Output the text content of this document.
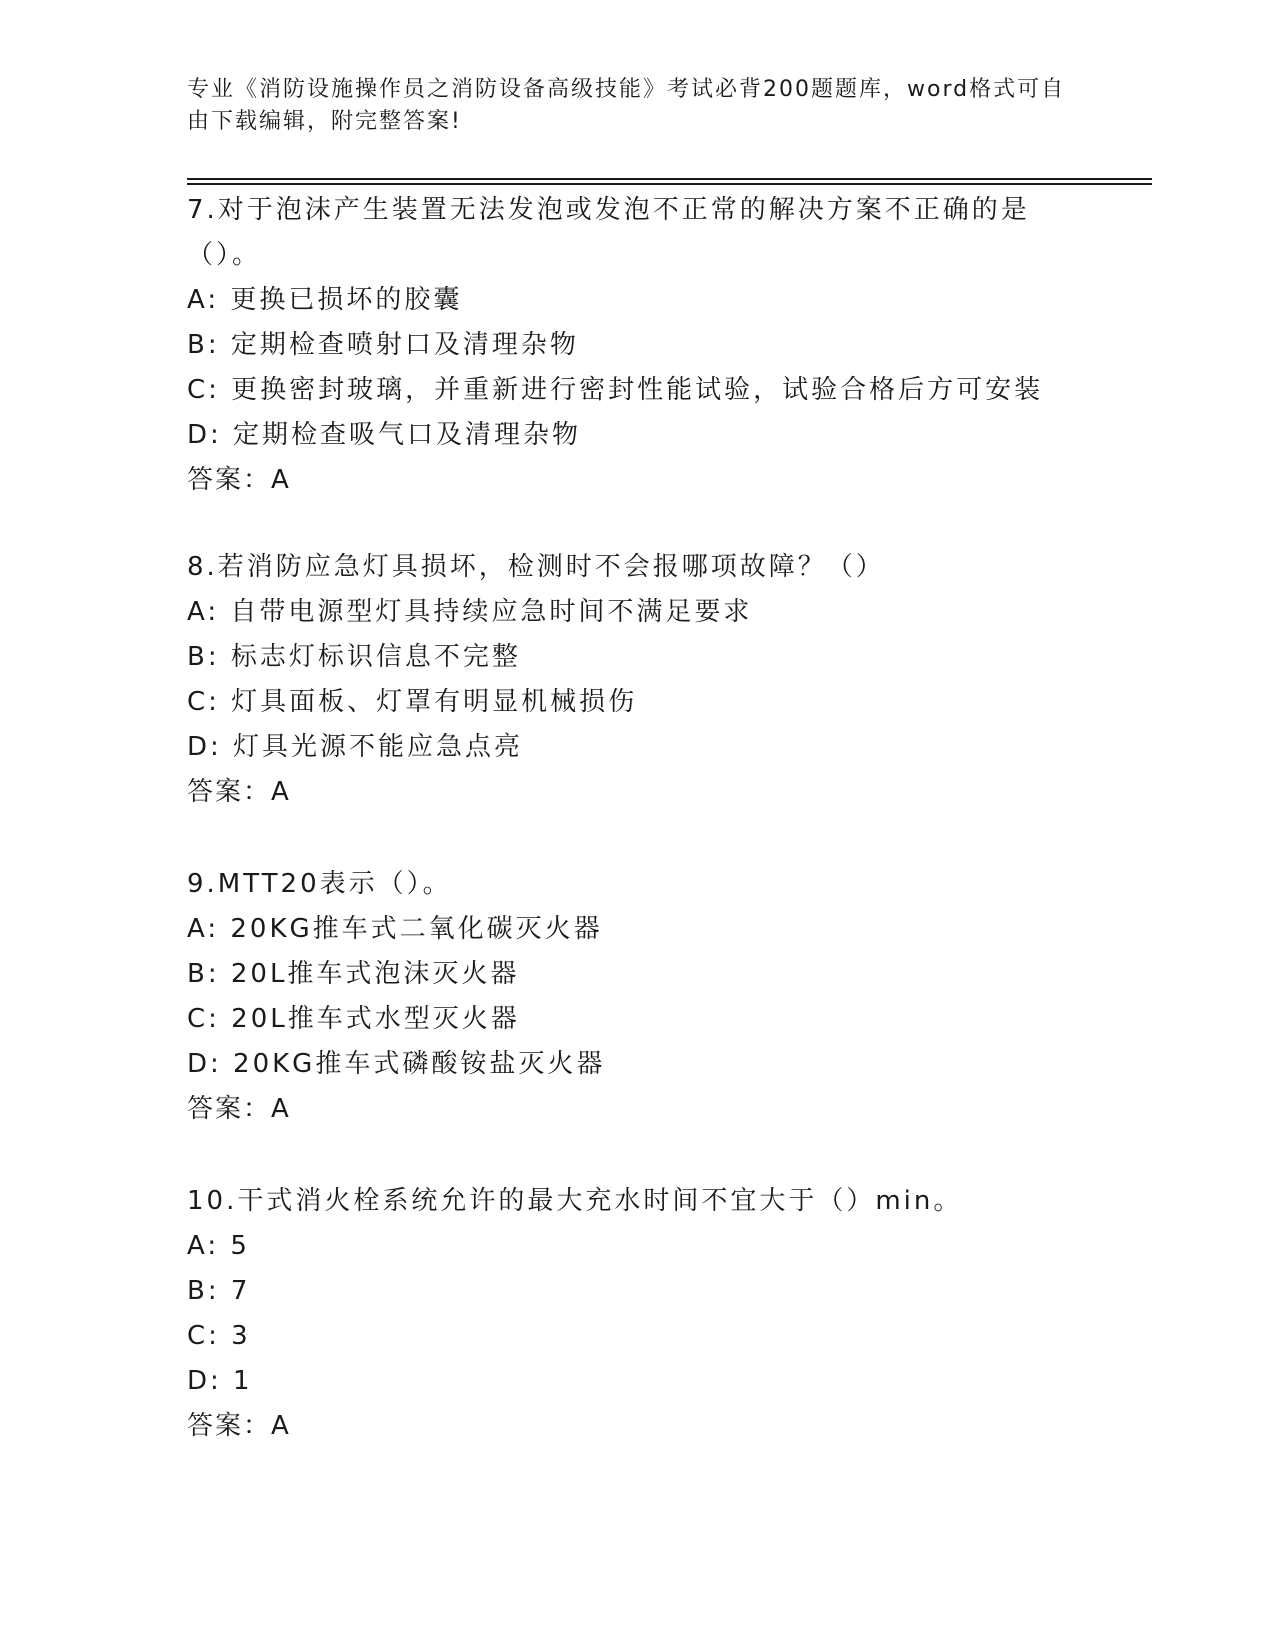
专业《消防设施操作员之消防设备高级技能》考试必背200题题库，word格式可自由下载编辑，附完整答案!

7.对于泡沫产生装置无法发泡或发泡不正常的解决方案不正确的是（）。

A: 更换已损坏的胶囊

B: 定期检查喷射口及清理杂物

C: 更换密封玻璃，并重新进行密封性能试验，试验合格后方可安装

D: 定期检查吸气口及清理杂物

答案：A

8.若消防应急灯具损坏，检测时不会报哪项故障？（）

A: 自带电源型灯具持续应急时间不满足要求

B: 标志灯标识信息不完整

C: 灯具面板、灯罩有明显机械损伤

D: 灯具光源不能应急点亮

答案：A

9.MTT20表示（）。

A: 20KG推车式二氧化碳灭火器

B: 20L推车式泡沫灭火器

C: 20L推车式水型灭火器

D: 20KG推车式磷酸铵盐灭火器

答案：A

10.干式消火栓系统允许的最大充水时间不宜大于（）min。

A: 5

B: 7

C: 3

D: 1

答案：A
